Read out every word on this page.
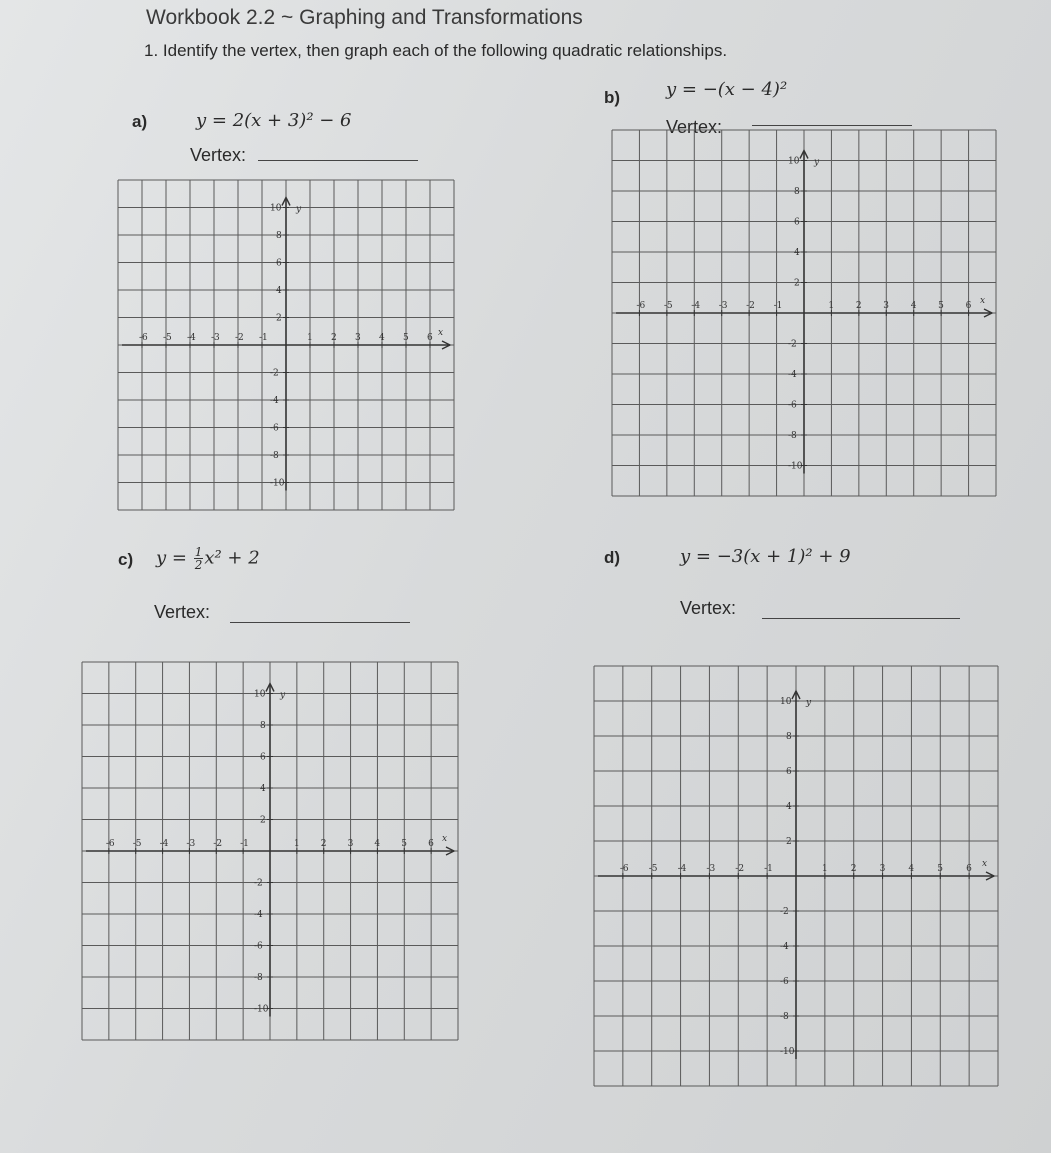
Workbook 2.2 ~ Graphing and Transformations
1. Identify the vertex, then graph each of the following quadratic relationships.
a)	y = 2(x + 3)² − 6
Vertex:
b)	y = −(x − 4)²
Vertex:
c) $y = \frac{1}{2} x^2 + 2$
Vertex:
d)	y = −3(x + 1)² + 9
Vertex:
-6 -5 -4 -3 -2 -1	1 2 3 4 5 6
10
8
6
4
2
-2
-4
-6
-8
-10
x
y
-6 -5 -4 -3 -2 -1	1 2 3 4 5 6
10
8
6
4
2
-2
-4
-6
-8
-10
x
y
-6 -5 -4 -3 -2 -1	1 2 3 4 5 6
10
8
6
4
2
-2
-4
-6
-8
-10
x
y
-6 -5 -4 -3 -2 -1	1	2	3	4	5	6
10
8
6
4
2
-2
-4
-6
-8
-10
x
y
